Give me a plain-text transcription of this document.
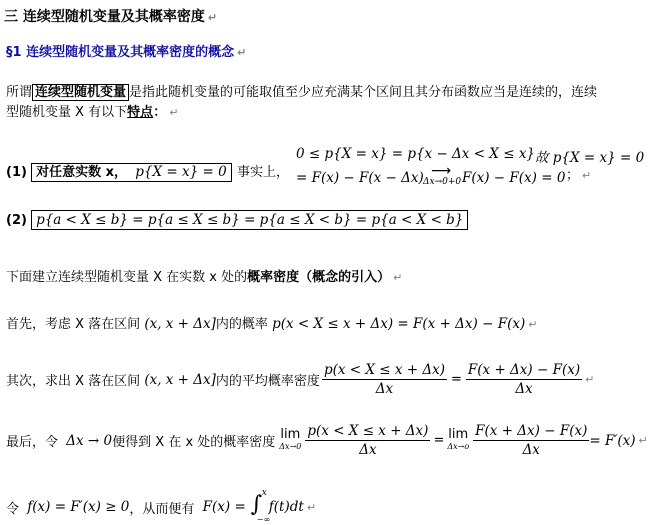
三 连续型随机变量及其概率密度 ↵
§1 连续型随机变量及其概率密度的概念 ↵
所谓 连续型随机变量 是指此随机变量的可能取值至少应充满某个区间且其分布函数应当是连续的，连续
型随机变量 X 有以下特点： ↵
(1) 对任意实数 x， p{X = x} = 0 事实上，
0 ≤ p{X = x} = p{x − Δx < X ≤ x} 故 p{X = x} = 0
= F(x) − F(x − Δx) ⟶
Δx→0+0 F(x) − F(x) = 0 ； ↵
(2) p{a < X ≤ b} = p{a ≤ X ≤ b} = p{a ≤ X < b} = p{a < X < b}
下面建立连续型随机变量 X 在实数 x 处的概率密度（概念的引入） ↵
首先，考虑 X 落在区间 (x, x + Δx]内的概率 p(x < X ≤ x + Δx) = F(x + Δx) − F(x) ↵
其次，求出 X 落在区间
(x, x + Δx] 内的平均概率密度 $\frac{p(x < X \le x + \Delta x)}{\Delta x} = \frac{F(x + \Delta x) - F(x)}{\Delta x}$ ↵
最后，令
Δx → 0 便得到 X 在 x 处的概率密度
lim
$\Delta x\to 0 \frac{p(x < X \le x + \Delta x)}{\Delta x} = \lim$
$\Delta x\to o \frac{F(x + \Delta x) - F(x)}{\Delta x} = F'(x)$ ↵
令
f(x) = F′(x) ≥ 0 ，从而便有
F(x) = ∫ x
−∞
f(t)dt ↵
